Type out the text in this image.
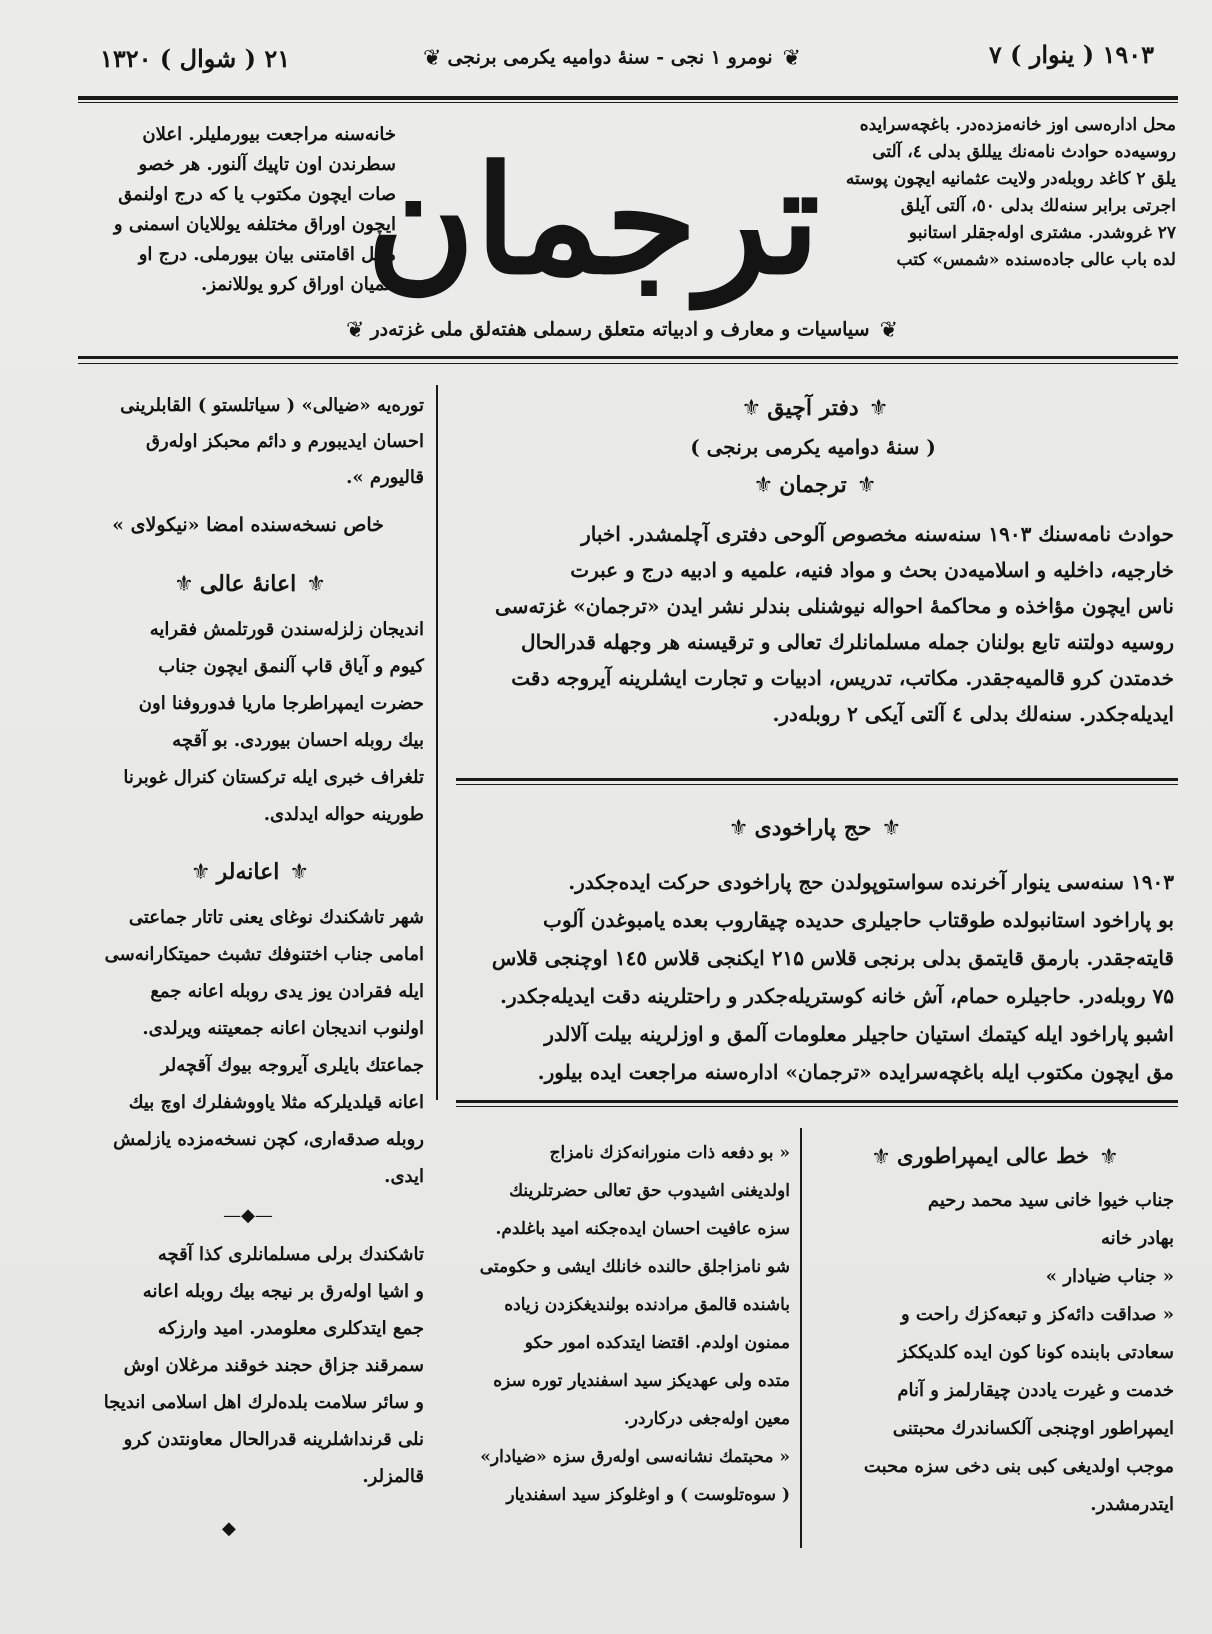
۱۹۰۳ ( ینوار ) ۷
❦نومرو ۱ نجی - سنهٔ دوامیه یکرمی برنجی❦
۲۱ ( شوال ) ۱۳۲۰

محل اداره‌سی اوز خانه‌مزده‌در. باغچه‌سرایده

روسیه‌ده حوادث نامه‌نك ییللق بدلی ٤، آلتی

یلق ۲ کاغد روبله‌در ولایت عثمانیه ایچون پوسته

اجرتی برابر سنه‌لك بدلی ٥٠، آلتی آیلق

۲۷ غروشدر. مشتری اوله‌جقلر استانبو

لده باب عالی جاده‌سنده «شمس» کتب

ترجمان

خانه‌سنه مراجعت بیورملیلر. اعلان

سطرندن اون تاپیك آلنور. هر خصو

صات ایچون مکتوب یا که درج اولنمق

ایچون اوراق مختلفه یوللایان اسمنی و

محل اقامتنی بیان بیورملی. درج او

لنمیان اوراق کرو یوللانمز.

❦سیاسیات و معارف و ادبیاته متعلق رسملی هفته‌لق ملی غزته‌در❦
⚜دفتر آچیق⚜
( سنهٔ دوامیه یکرمی برنجی )
⚜ترجمان⚜

حوادث نامه‌سنك ۱۹۰۳ سنه‌سنه مخصوص آلوحی دفتری آچلمشدر. اخبار

خارجیه، داخلیه و اسلامیه‌دن بحث و مواد فنیه، علمیه و ادبیه درج و عبرت

ناس ایچون مؤاخذه و محاکمهٔ احواله نیوشنلی بندلر نشر ایدن «ترجمان» غزته‌سی

روسیه دولتنه تابع بولنان جمله مسلمانلرك تعالی و ترقیسنه هر وجهله قدرالحال

خدمتدن کرو قالمیه‌جقدر. مکاتب، تدریس، ادبیات و تجارت ایشلرینه آیروجه دقت

ایدیله‌جکدر. سنه‌لك بدلی ٤ آلتی آیکی ۲ روبله‌در.

⚜حج پاراخودی⚜

۱۹۰۳ سنه‌سی ینوار آخرنده سواستوپولدن حج پاراخودی حرکت ایده‌جکدر.

بو پاراخود استانبولده طوقتاب حاجیلری حدیده چیقاروب بعده یامبوغدن آلوب

قایته‌جقدر. بارمق قایتمق بدلی برنجی قلاس ۲۱۵ ایکنجی قلاس ۱٤٥ اوچنجی قلاس

۷۵ روبله‌در. حاجیلره حمام، آش خانه کوستریله‌جکدر و راحتلرینه دقت ایدیله‌جکدر.

اشبو پاراخود ایله کیتمك استیان حاجیلر معلومات آلمق و اوزلرینه بیلت آلالدر

مق ایچون مکتوب ایله باغچه‌سرایده «ترجمان» اداره‌سنه مراجعت ایده بیلور.

⚜خط عالی ایمپراطوری⚜

جناب خیوا خانی سید محمد رحیم

بهادر خانه

« جناب ضیادار »

« صداقت دائه‌کز و تبعه‌کزك راحت و

سعادتی بابنده کونا کون ایده کلدیککز

خدمت و غیرت یاددن چیقارلمز و آنام

ایمپراطور اوچنجی آلکساندرك محبتنی

موجب اولدیغی کبی بنی دخی سزه محبت

ایتدرمشدر.

« بو دفعه ذات منورانه‌کزك نامزاج

اولدیغنی اشیدوب حق تعالی حضرتلرینك

سزه عافیت احسان ایده‌جکنه امید باغلدم.

شو نامزاجلق حالنده خانلك ایشی و حکومتی

باشنده قالمق مرادنده بولندیغکزدن زیاده

ممنون اولدم. اقتضا ایتدکده امور حکو

متده ولی عهدیکز سید اسفندیار توره سزه

معین اوله‌جغی درکاردر.

« محبتمك نشانه‌سی اوله‌رق سزه «ضیادار»

( سوه‌تلوست ) و اوغلوکز سید اسفندیار

توره‌یه «ضیالی» ( سیاتلستو ) القابلرینی

احسان ایدیبورم و دائم محبکز اوله‌رق

قالیورم ».

خاص نسخه‌سنده امضا «نیکولای »
⚜اعانهٔ عالی⚜

اندیجان زلزله‌سندن قورتلمش فقرایه

کیوم و آیاق قاپ آلنمق ایچون جناب

حضرت ایمپراطرجا ماریا فدوروفنا اون

بیك روبله احسان بیوردی. بو آقچه

تلغراف خبری ایله ترکستان کنرال غوبرنا

طورینه حواله ایدلدی.

⚜اعانه‌لر⚜

شهر تاشکندك نوغای یعنی تاتار جماعتی

امامی جناب اختنوفك تشبث حمیتکارانه‌سی

ایله فقرادن یوز یدی روبله اعانه جمع

اولنوب اندیجان اعانه جمعیتنه ویرلدی.

جماعتك بایلری آیروجه بیوك آقچه‌لر

اعانه قیلدیلرکه مثلا یاووشفلرك اوچ بیك

روبله صدقه‌اری، کچن نسخه‌مزده یازلمش

ایدی.

—◆—

تاشکندك برلی مسلمانلری کذا آقچه

و اشیا اوله‌رق بر نیجه بیك روبله اعانه

جمع ایتدکلری معلومدر. امید وارزکه

سمرقند جزاق حجند خوقند مرغلان اوش

و سائر سلامت بلده‌لرك اهل اسلامی اندیجا

نلی قرنداشلرینه قدرالحال معاونتدن کرو

قالمزلر.

◆
